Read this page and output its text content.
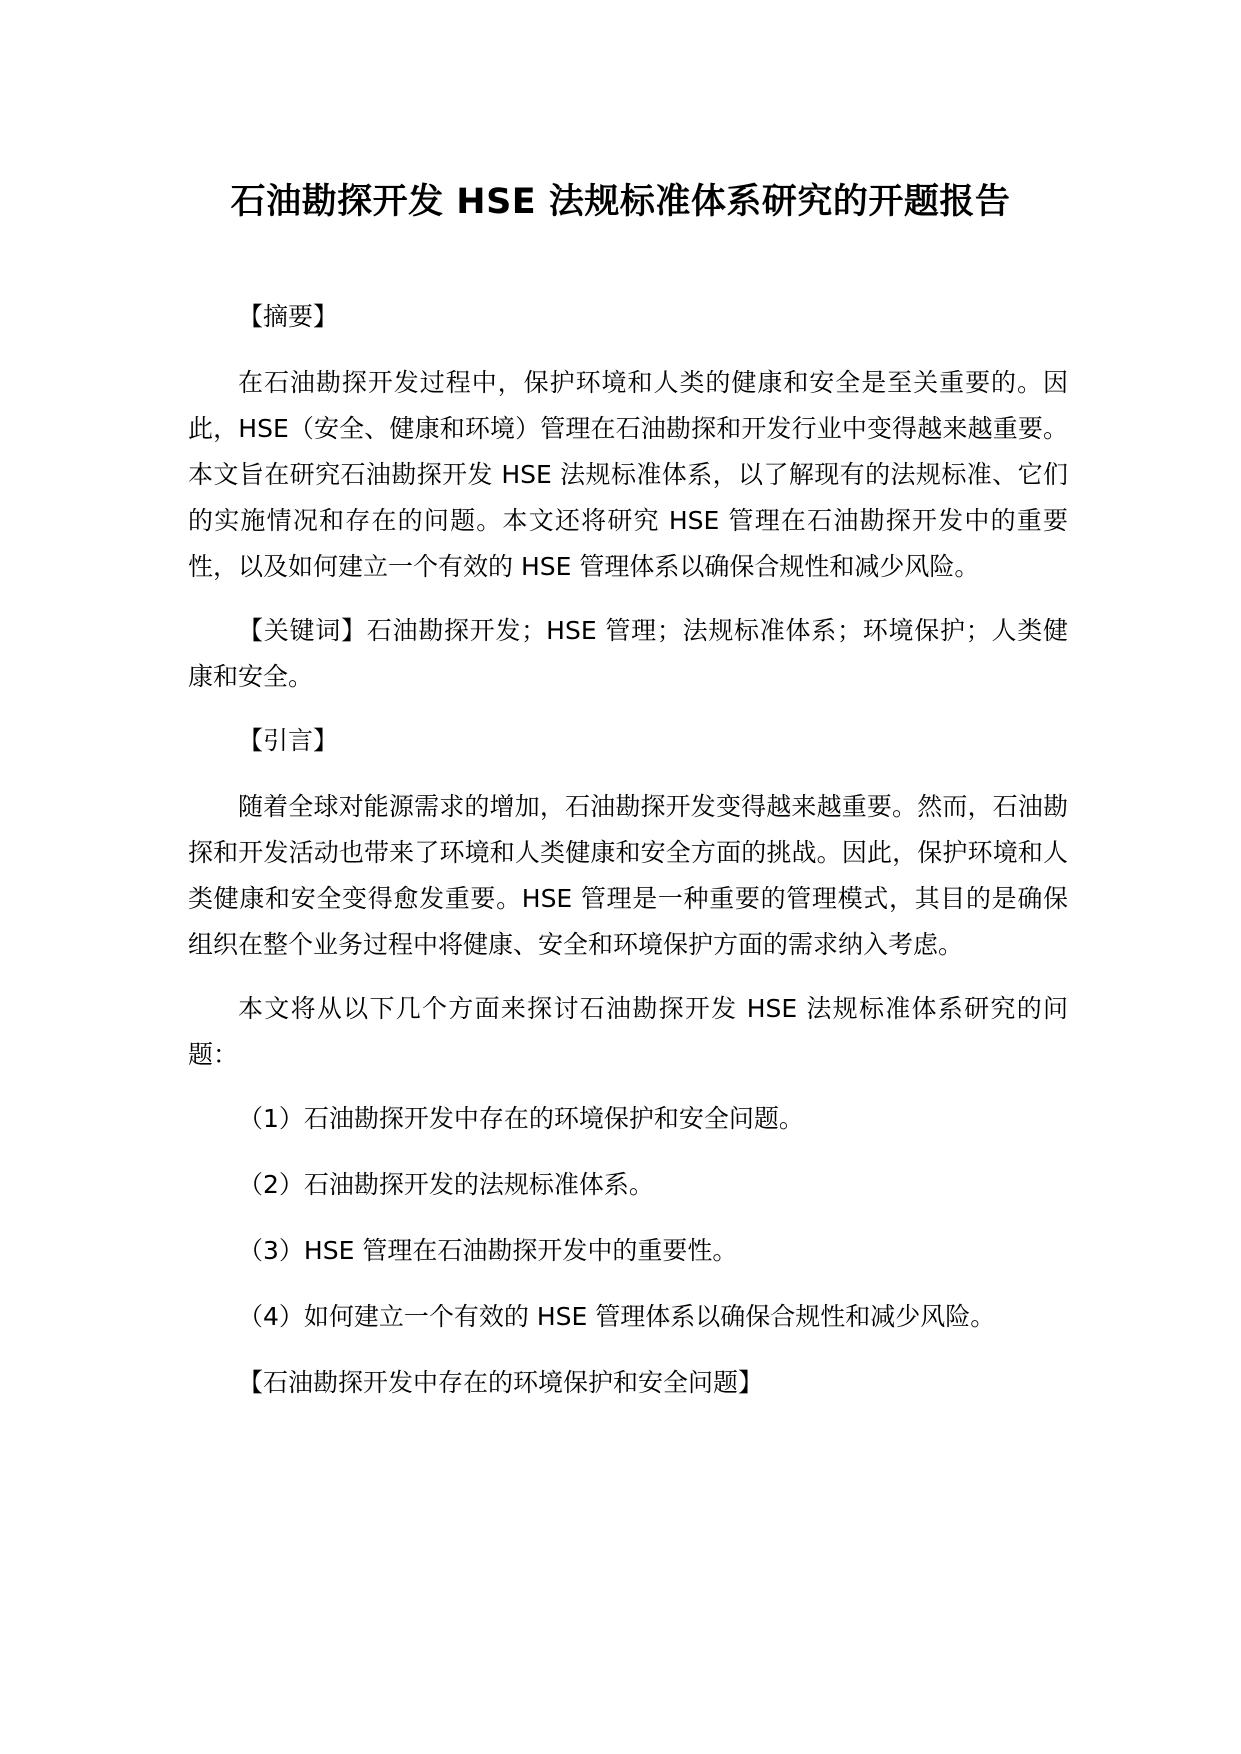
石油勘探开发 HSE 法规标准体系研究的开题报告

【摘要】

在石油勘探开发过程中，保护环境和人类的健康和安全是至关重要的。因此，HSE（安全、健康和环境）管理在石油勘探和开发行业中变得越来越重要。本文旨在研究石油勘探开发 HSE 法规标准体系，以了解现有的法规标准、它们的实施情况和存在的问题。本文还将研究 HSE 管理在石油勘探开发中的重要性，以及如何建立一个有效的 HSE 管理体系以确保合规性和减少风险。

【关键词】石油勘探开发；HSE 管理；法规标准体系；环境保护；人类健康和安全。

【引言】

随着全球对能源需求的增加，石油勘探开发变得越来越重要。然而，石油勘探和开发活动也带来了环境和人类健康和安全方面的挑战。因此，保护环境和人类健康和安全变得愈发重要。HSE 管理是一种重要的管理模式，其目的是确保组织在整个业务过程中将健康、安全和环境保护方面的需求纳入考虑。

本文将从以下几个方面来探讨石油勘探开发 HSE 法规标准体系研究的问题：

（1）石油勘探开发中存在的环境保护和安全问题。

（2）石油勘探开发的法规标准体系。

（3）HSE 管理在石油勘探开发中的重要性。

（4）如何建立一个有效的 HSE 管理体系以确保合规性和减少风险。

【石油勘探开发中存在的环境保护和安全问题】
